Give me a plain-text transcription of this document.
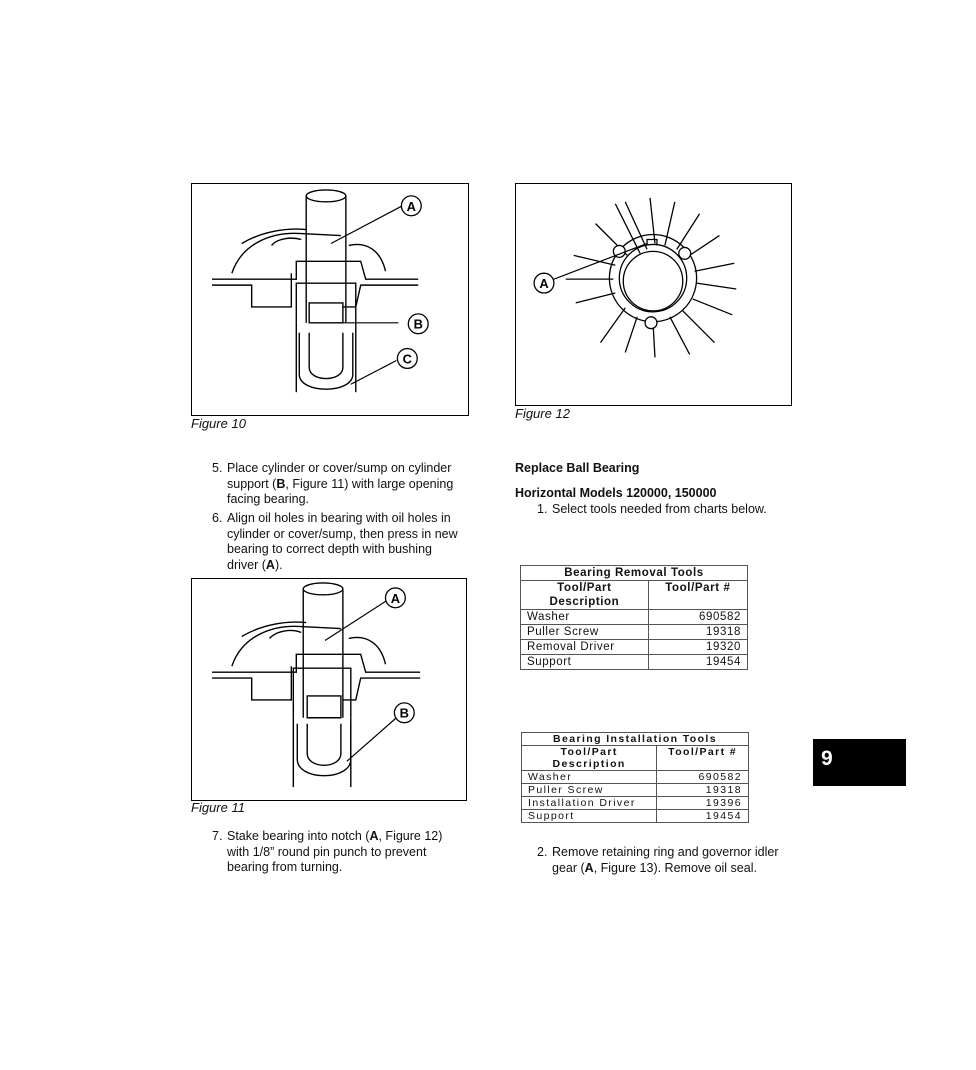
A
B
C
Figure 10
A
Figure 12
5. Place cylinder or cover/sump on cylinder
support (B, Figure 11) with large opening
facing bearing.
6. Align oil holes in bearing with oil holes in
cylinder or cover/sump, then press in new
bearing to correct depth with bushing
driver (A).
A
B
Figure 11
7. Stake bearing into notch (A, Figure 12)
with 1/8” round pin punch to prevent
bearing from turning.
Replace Ball Bearing
Horizontal Models 120000, 150000
1. Select tools needed from charts below.
Bearing Removal Tools	

Tool/Part
Description	Tool/Part #
Washer	690582
Puller Screw	19318
Removal Driver	19320
Support	19454
Bearing Installation Tools	

Tool/Part
Description	Tool/Part #
Washer	690582
Puller Screw	19318
Installation Driver	19396
Support	19454
2. Remove retaining ring and governor idler
gear (A, Figure 13). Remove oil seal.
9
